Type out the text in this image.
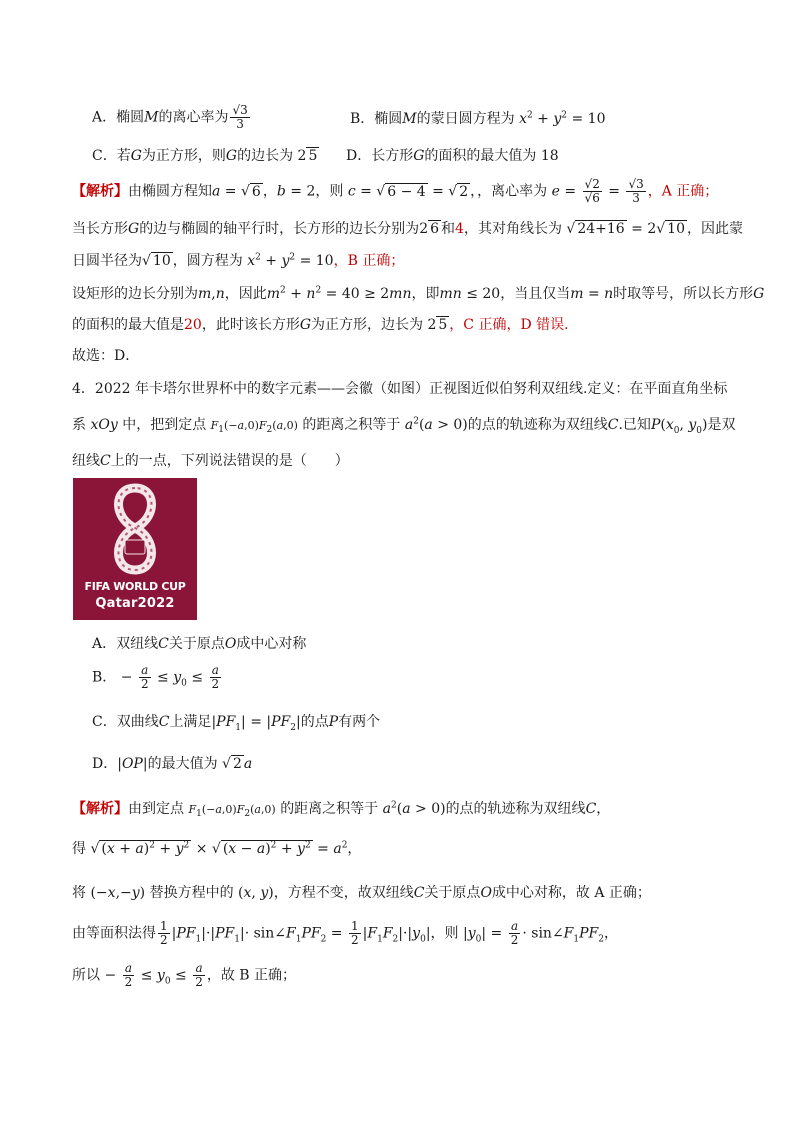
A．椭圆M的离心率为 $\frac{√3}{3}$	B．椭圆M的蒙日圆方程为 $x^2 + y^2 = 10$
C．若G为正方形，则G的边长为 2 5 D．长方形G的面积的最大值为 18
【解析】由椭圆方程知a = √ 6 ，b = 2，则 c = √ 6 − 4 = √ 2 ，，离心率为 $e = \frac{√2}{√6} = \frac{√3}{3}$ ，A 正确；
当长方形G的边与椭圆的轴平行时，长方形的边长分别为2 6 和4，其对角线长为 √ 24+16 = 2√ 10 ，因此蒙
日圆半径为√ 10 ，圆方程为 $x^2 + y^2 = 10$，B 正确；
设矩形的边长分别为m,n，因此$m^2 + n^2 = 40 \ge 2mn$，即mn ≤ 20，当且仅当m = n时取等号，所以长方形G
的面积的最大值是20，此时该长方形G为正方形，边长为 2 5 ，C 正确，D 错误．
故选：D．
4．2022 年卡塔尔世界杯中的数字元素——会徽（如图）正视图近似伯努利双纽线.定义：在平面直角坐标
系 xOy 中，把到定点 $F_1(-a,0)F_2(a,0)$ 的距离之积等于 $a^2(a > 0)$的点的轨迹称为双纽线C.已知$P(x_0$, $y_0$)是双
纽线C上的一点，下列说法错误的是（　　）
FIFA WORLD CUP
Qatar2022
A．双纽线C关于原点O成中心对称
B． − $\frac{a}{2} \le y_0 \le \frac{a}{2}$
C．双曲线C上满足$|PF_1| = |PF_2|$的点P有两个
D．|OP|的最大值为 √ 2 a
【解析】由到定点 $F_1(-a,0)F_2(a,0)$ 的距离之积等于 $a^2(a > 0)$的点的轨迹称为双纽线C，
得 √ $(x + a)^2 + y^2$ × √ $(x - a)^2 + y^2 = a^2$，
将 (−x,−y) 替换方程中的 (x, y)，方程不变，故双纽线C关于原点O成中心对称，故 A 正确；
由等面积法得 $\frac{1}{2} |PF_1|\cdot|PF_1|\cdot$ $\sin\angle F_1PF_2 = \frac{1}{2} |F_1F_2|\cdot|y_0|$，则 $|y_0| = \frac{a}{2}$ · $\sin\angle F_1PF_2$，
所以 − $\frac{a}{2} \le y_0 \le \frac{a}{2}$ ，故 B 正确；
